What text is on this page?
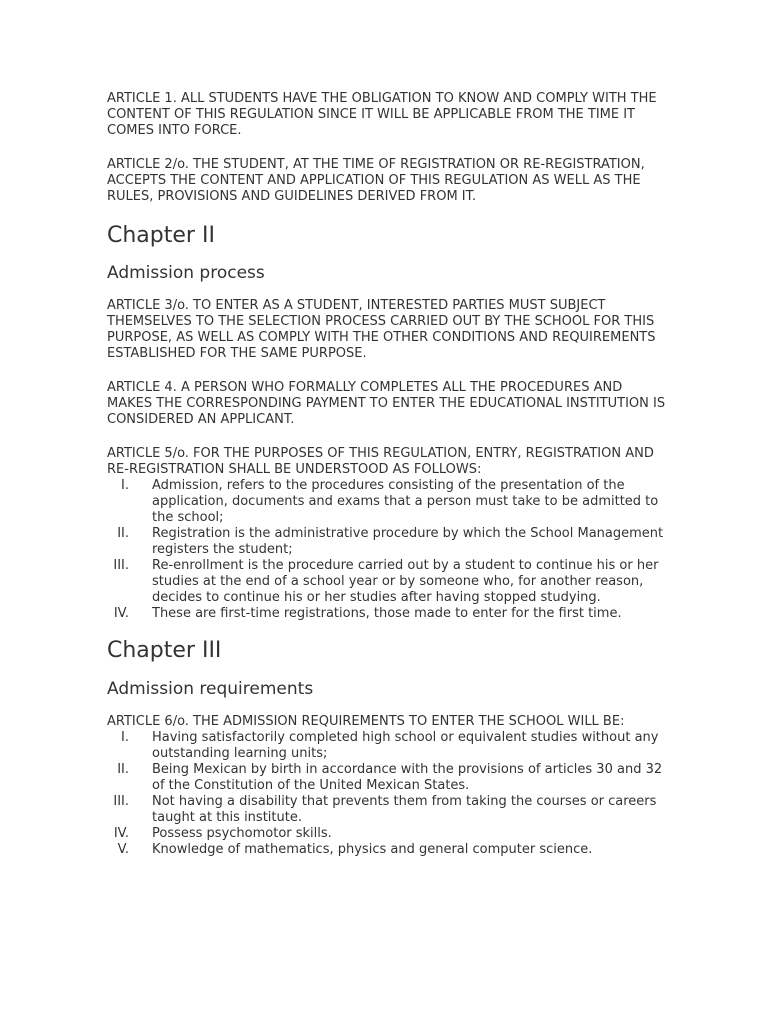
ARTICLE 1. ALL STUDENTS HAVE THE OBLIGATION TO KNOW AND COMPLY WITH THE CONTENT OF THIS REGULATION SINCE IT WILL BE APPLICABLE FROM THE TIME IT COMES INTO FORCE.

ARTICLE 2/o. THE STUDENT, AT THE TIME OF REGISTRATION OR RE-REGISTRATION, ACCEPTS THE CONTENT AND APPLICATION OF THIS REGULATION AS WELL AS THE RULES, PROVISIONS AND GUIDELINES DERIVED FROM IT.

Chapter II
Admission process

ARTICLE 3/o. TO ENTER AS A STUDENT, INTERESTED PARTIES MUST SUBJECT THEMSELVES TO THE SELECTION PROCESS CARRIED OUT BY THE SCHOOL FOR THIS PURPOSE, AS WELL AS COMPLY WITH THE OTHER CONDITIONS AND REQUIREMENTS ESTABLISHED FOR THE SAME PURPOSE.

ARTICLE 4. A PERSON WHO FORMALLY COMPLETES ALL THE PROCEDURES AND MAKES THE CORRESPONDING PAYMENT TO ENTER THE EDUCATIONAL INSTITUTION IS CONSIDERED AN APPLICANT.

ARTICLE 5/o. FOR THE PURPOSES OF THIS REGULATION, ENTRY, REGISTRATION AND RE-REGISTRATION SHALL BE UNDERSTOOD AS FOLLOWS:

I. Admission, refers to the procedures consisting of the presentation of the application, documents and exams that a person must take to be admitted to the school;
II. Registration is the administrative procedure by which the School Management registers the student;
III. Re-enrollment is the procedure carried out by a student to continue his or her studies at the end of a school year or by someone who, for another reason, decides to continue his or her studies after having stopped studying.
IV. These are first-time registrations, those made to enter for the first time.
Chapter III
Admission requirements

ARTICLE 6/o. THE ADMISSION REQUIREMENTS TO ENTER THE SCHOOL WILL BE:

I. Having satisfactorily completed high school or equivalent studies without any outstanding learning units;
II. Being Mexican by birth in accordance with the provisions of articles 30 and 32 of the Constitution of the United Mexican States.
III. Not having a disability that prevents them from taking the courses or careers taught at this institute.
IV. Possess psychomotor skills.
V. Knowledge of mathematics, physics and general computer science.
